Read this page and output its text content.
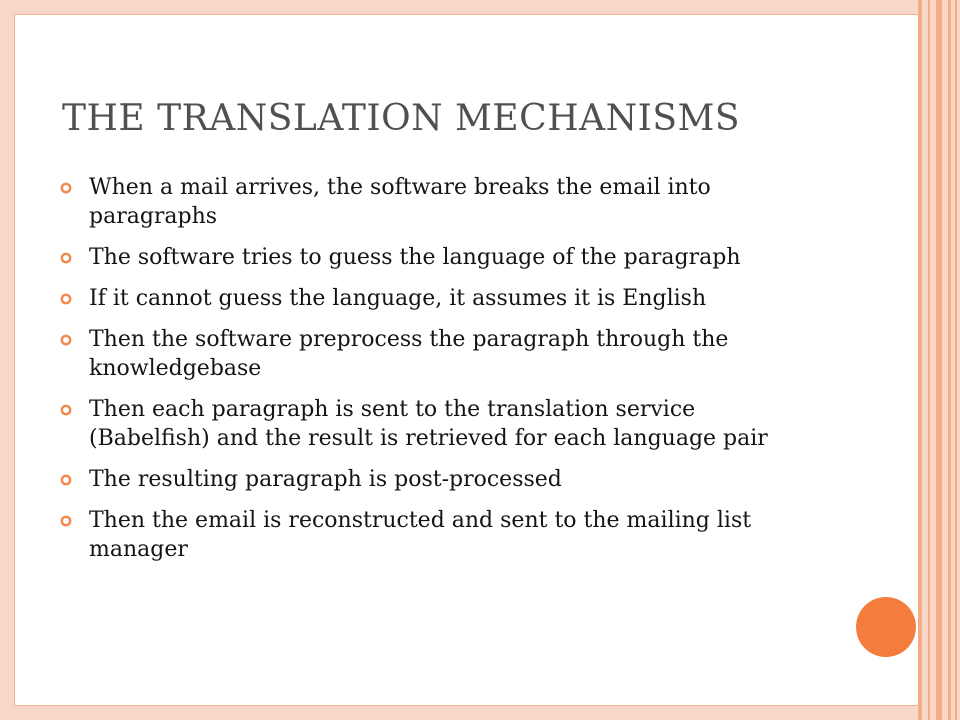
THE TRANSLATION MECHANISMS
When a mail arrives, the software breaks the email into paragraphs
The software tries to guess the language of the paragraph
If it cannot guess the language, it assumes it is English
Then the software preprocess the paragraph through the knowledgebase
Then each paragraph is sent to the translation service (Babelfish) and the result is retrieved for each language pair
The resulting paragraph is post-processed
Then the email is reconstructed and sent to the mailing list manager
